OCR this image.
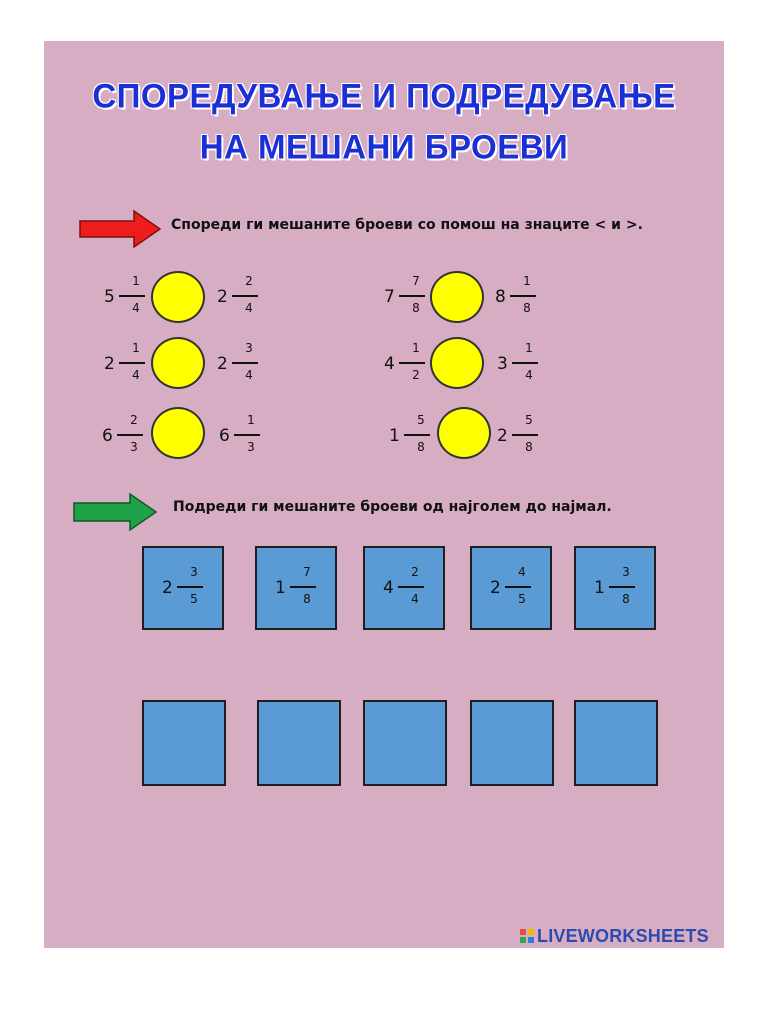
СПОРЕДУВАЊЕ И ПОДРЕДУВАЊЕ
НА МЕШАНИ БРОЕВИ
Спореди ги мешаните броеви со помош на знаците < и >.
5
1
4
2
2
4
2
1
4
2
3
4
6
2
3
6
1
3
7
7
8
8
1
8
4
1
2
3
1
4
1
5
8
2
5
8
Подреди ги мешаните броеви од најголем до најмал.
2
3
5
1
7
8
4
2
4
2
4
5
1
3
8
LIVEWORKSHEETS
